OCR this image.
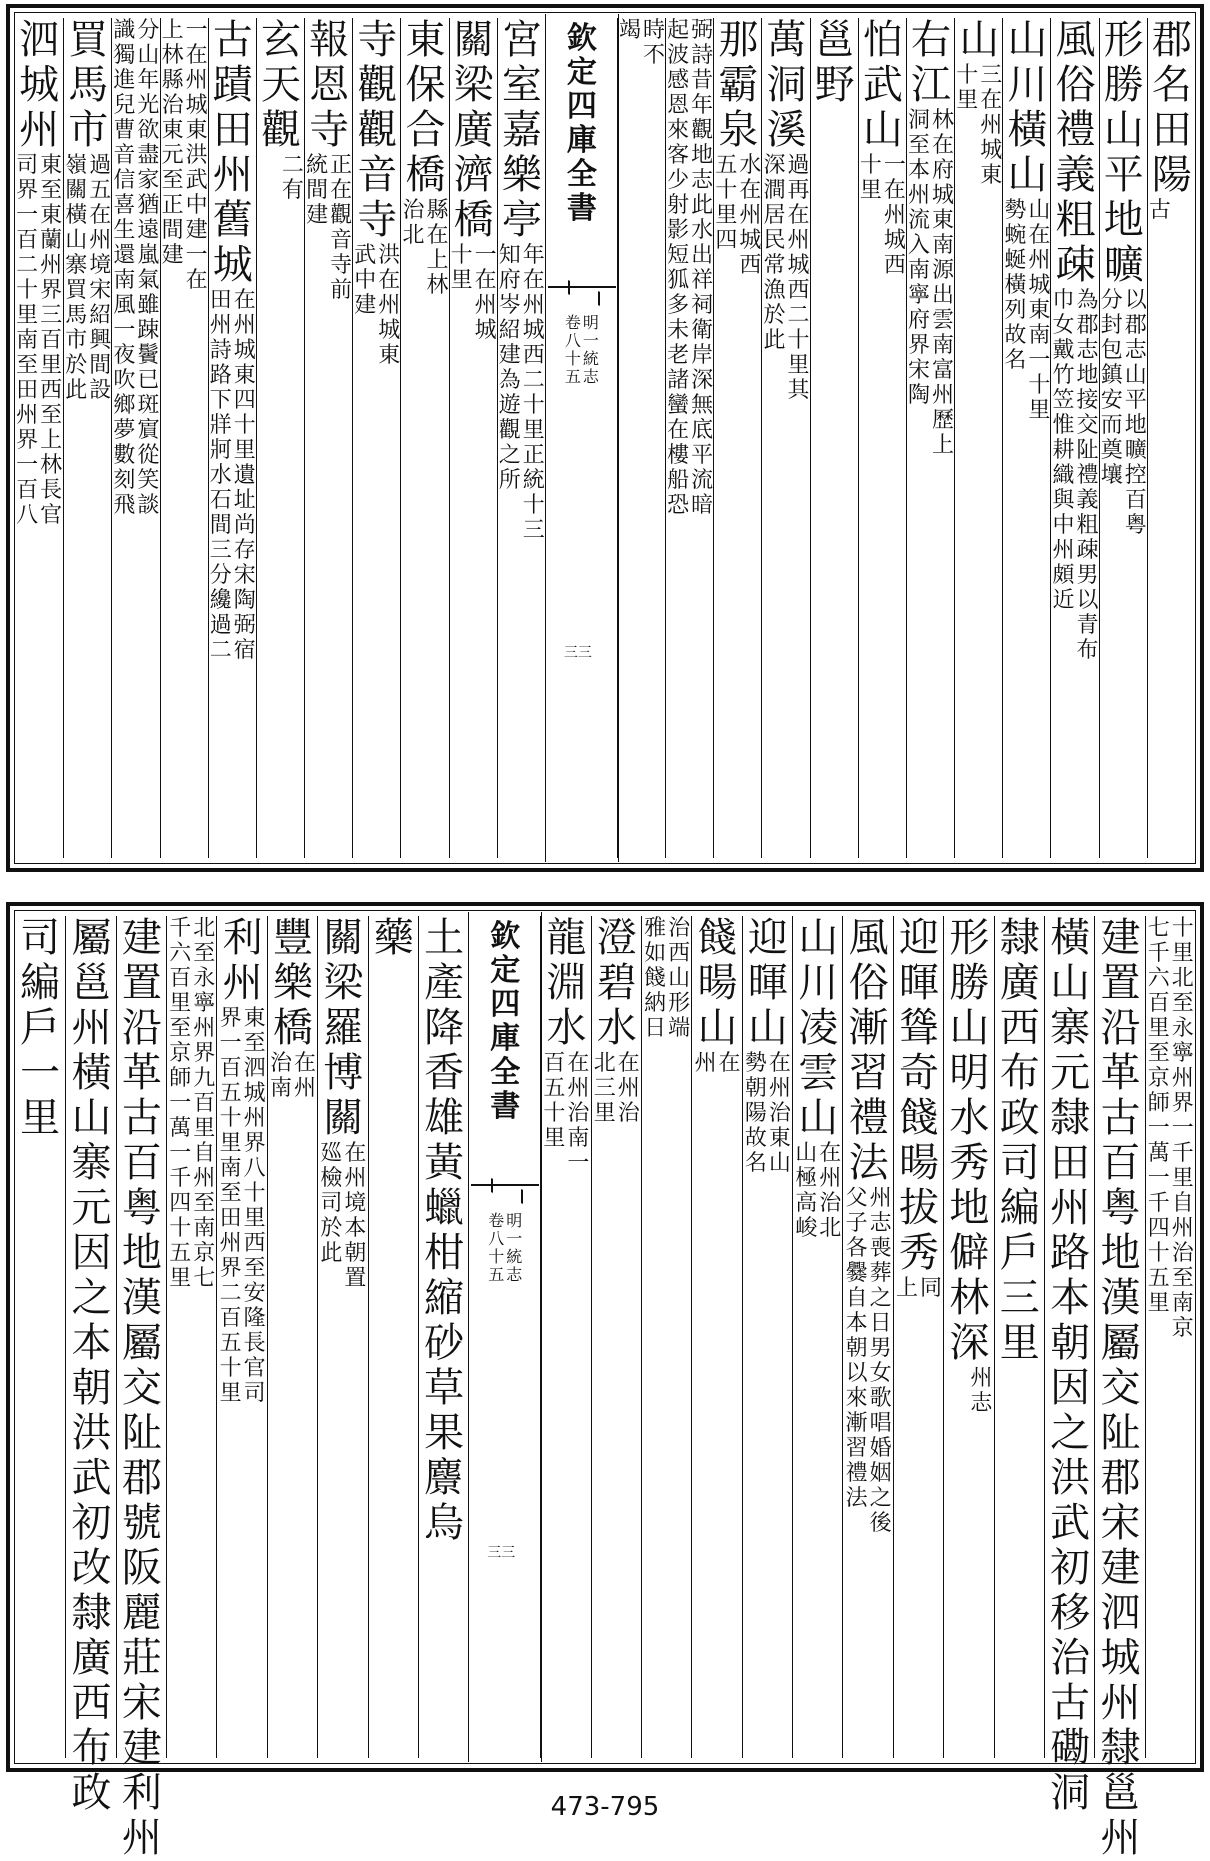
郡
名
田
陽
古
形
勝
山
平
地
曠
以
郡
志
山
平
地
曠
控
百
粤
分
封
包
鎮
安
而
奠
壤
風
俗
禮
義
粗
疎
為
郡
志
地
接
交
阯
禮
義
粗
疎
男
以
青
布
巾
女
戴
竹
笠
惟
耕
織
與
中
州
頗
近
山
川
橫
山
山
在
州
城
東
南
一
十
里
勢
蜿
蜒
橫
列
故
名
山
三
在
州
城
東
十
里
右
江
林
在
府
城
東
南
源
出
雲
南
富
州
歷
上
洞
至
本
州
流
入
南
寧
府
界
宋
陶
怕
武
山
一
在
州
城
西
十
里
邕
野
萬
洞
溪
過
再
在
州
城
西
二
十
里
其
深
澗
居
民
常
漁
於
此
那
霸
泉
水
在
州
城
西
五
十
里
四
弼
詩
昔
年
觀
地
志
此
水
出
祥
祠
衛
岸
深
無
底
平
流
暗
起
波
感
恩
來
客
少
射
影
短
狐
多
未
老
諸
蠻
在
樓
船
恐
時
不
竭
欽
定
四
庫
全
書
明
一
統
志
卷
八
十
五
三三
宮
室
嘉
樂
亭
年
在
州
城
西
二
十
里
正
統
十
三
知
府
岑
紹
建
為
遊
觀
之
所
關
梁
廣
濟
橋
一
在
州
城
十
里
東
保
合
橋
縣
在
上
林
治
北
寺
觀
觀
音
寺
洪
在
州
城
東
武
中
建
報
恩
寺
正
在
觀
音
寺
前
統
間
建
玄
天
觀
二
有
古
蹟
田
州
舊
城
在
州
城
東
四
十
里
遺
址
尚
存
宋
陶
弼
宿
田
州
詩
路
下
牂
牁
水
石
間
三
分
纔
過
二
一
在
州
城
東
洪
武
中
建
一
在
上
林
縣
治
東
元
至
正
間
建
分
山
年
光
欲
盡
家
猶
遠
嵐
氣
雖
踈
鬢
已
斑
賔
從
笑
談
識
獨
進
兒
曹
音
信
喜
生
還
南
風
一
夜
吹
鄉
夢
數
刻
飛
買
馬
市
過
五
在
州
境
宋
紹
興
間
設
嶺
關
橫
山
寨
買
馬
市
於
此
泗
城
州
東
至
東
蘭
州
界
三
百
里
西
至
上
林
長
官
司
界
一
百
二
十
里
南
至
田
州
界
一
百
八
十
里
北
至
永
寧
州
界
一
千
里
自
州
治
至
南
京
七
千
六
百
里
至
京
師
一
萬
一
千
四
十
五
里
建
置
沿
革
古
百
粤
地
漢
屬
交
阯
郡
宋
建
泗
城
州
隸
邕
州
橫
山
寨
元
隸
田
州
路
本
朝
因
之
洪
武
初
移
治
古
磡
洞
隸
廣
西
布
政
司
編
戶
三
里
形
勝
山
明
水
秀
地
僻
林
深
州
志
迎
暉
聳
奇
餞
暘
拔
秀
同
上
風
俗
漸
習
禮
法
州
志
喪
葬
之
日
男
女
歌
唱
婚
姻
之
後
父
子
各
爨
自
本
朝
以
來
漸
習
禮
法
山
川
凌
雲
山
在
州
治
北
山
極
高
峻
迎
暉
山
在
州
治
東
山
勢
朝
陽
故
名
餞
暘
山
在
州
治
西
山
形
端
雅
如
餞
納
日
澄
碧
水
在
州
治
北
三
里
龍
淵
水
在
州
治
南
一
百
五
十
里
欽
定
四
庫
全
書
明
一
統
志
卷
八
十
五
三三
土
產
降
香
雄
黃
蠟
柑
縮
砂
草
果
麖
烏
藥
關
梁
羅
博
關
在
州
境
本
朝
置
廵
檢
司
於
此
豐
樂
橋
在
州
治
南
利
州
東
至
泗
城
州
界
八
十
里
西
至
安
隆
長
官
司
界
一
百
五
十
里
南
至
田
州
界
二
百
五
十
里
北
至
永
寧
州
界
九
百
里
自
州
至
南
京
七
千
六
百
里
至
京
師
一
萬
一
千
四
十
五
里
建
置
沿
革
古
百
粤
地
漢
屬
交
阯
郡
號
阪
麗
莊
宋
建
利
州
屬
邕
州
橫
山
寨
元
因
之
本
朝
洪
武
初
改
隸
廣
西
布
政
司
編
戶
一
里
473-795
